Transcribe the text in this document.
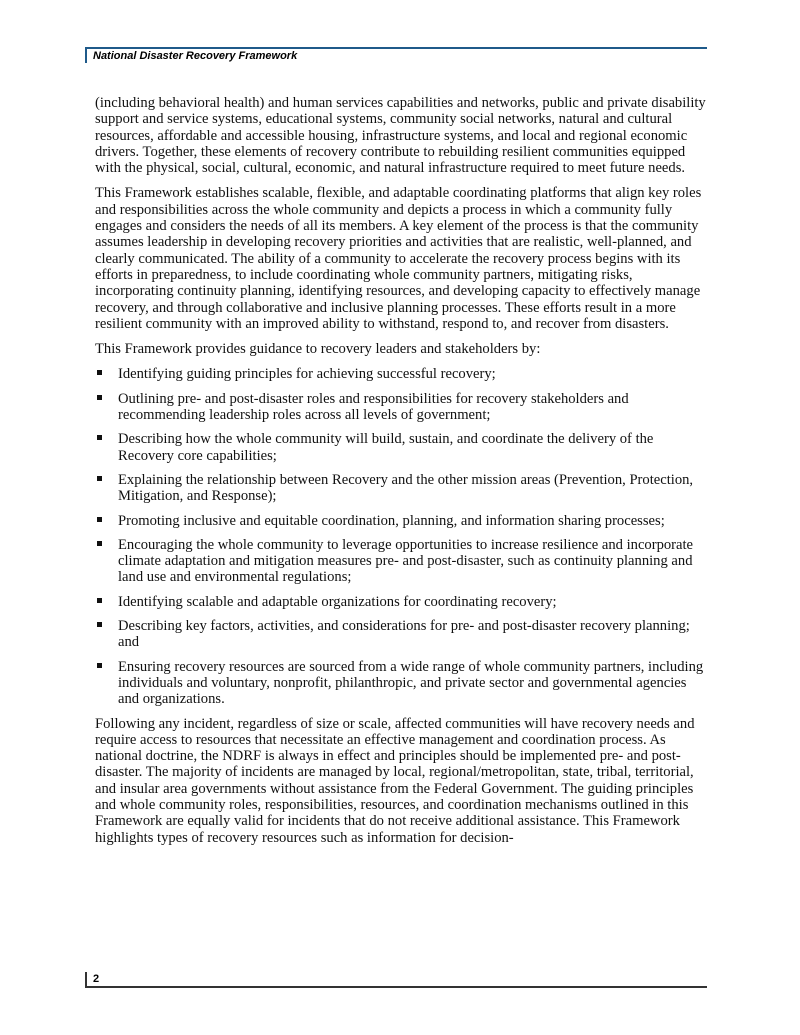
National Disaster Recovery Framework

(including behavioral health) and human services capabilities and networks, public and private disability support and service systems, educational systems, community social networks, natural and cultural resources, affordable and accessible housing, infrastructure systems, and local and regional economic drivers. Together, these elements of recovery contribute to rebuilding resilient communities equipped with the physical, social, cultural, economic, and natural infrastructure required to meet future needs.

This Framework establishes scalable, flexible, and adaptable coordinating platforms that align key roles and responsibilities across the whole community and depicts a process in which a community fully engages and considers the needs of all its members. A key element of the process is that the community assumes leadership in developing recovery priorities and activities that are realistic, well-planned, and clearly communicated. The ability of a community to accelerate the recovery process begins with its efforts in preparedness, to include coordinating whole community partners, mitigating risks, incorporating continuity planning, identifying resources, and developing capacity to effectively manage recovery, and through collaborative and inclusive planning processes. These efforts result in a more resilient community with an improved ability to withstand, respond to, and recover from disasters.

This Framework provides guidance to recovery leaders and stakeholders by:

Identifying guiding principles for achieving successful recovery;
Outlining pre- and post-disaster roles and responsibilities for recovery stakeholders and recommending leadership roles across all levels of government;
Describing how the whole community will build, sustain, and coordinate the delivery of the Recovery core capabilities;
Explaining the relationship between Recovery and the other mission areas (Prevention, Protection, Mitigation, and Response);
Promoting inclusive and equitable coordination, planning, and information sharing processes;
Encouraging the whole community to leverage opportunities to increase resilience and incorporate climate adaptation and mitigation measures pre- and post-disaster, such as continuity planning and land use and environmental regulations;
Identifying scalable and adaptable organizations for coordinating recovery;
Describing key factors, activities, and considerations for pre- and post-disaster recovery planning; and
Ensuring recovery resources are sourced from a wide range of whole community partners, including individuals and voluntary, nonprofit, philanthropic, and private sector and governmental agencies and organizations.

Following any incident, regardless of size or scale, affected communities will have recovery needs and require access to resources that necessitate an effective management and coordination process. As national doctrine, the NDRF is always in effect and principles should be implemented pre- and post-disaster. The majority of incidents are managed by local, regional/metropolitan, state, tribal, territorial, and insular area governments without assistance from the Federal Government. The guiding principles and whole community roles, responsibilities, resources, and coordination mechanisms outlined in this Framework are equally valid for incidents that do not receive additional assistance. This Framework highlights types of recovery resources such as information for decision-

2
